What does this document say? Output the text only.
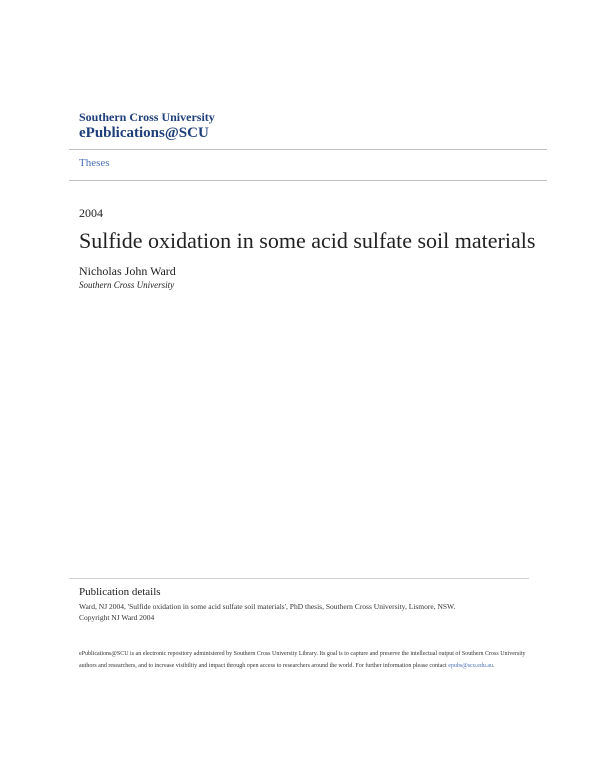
Southern Cross University
ePublications@SCU
Theses
2004
Sulfide oxidation in some acid sulfate soil materials
Nicholas John Ward
Southern Cross University
Publication details
Ward, NJ 2004, 'Sulfide oxidation in some acid sulfate soil materials', PhD thesis, Southern Cross University, Lismore, NSW.
Copyright NJ Ward 2004
ePublications@SCU is an electronic repository administered by Southern Cross University Library. Its goal is to capture and preserve the intellectual output of Southern Cross University authors and researchers, and to increase visibility and impact through open access to researchers around the world. For further information please contact epubs@scu.edu.au.
